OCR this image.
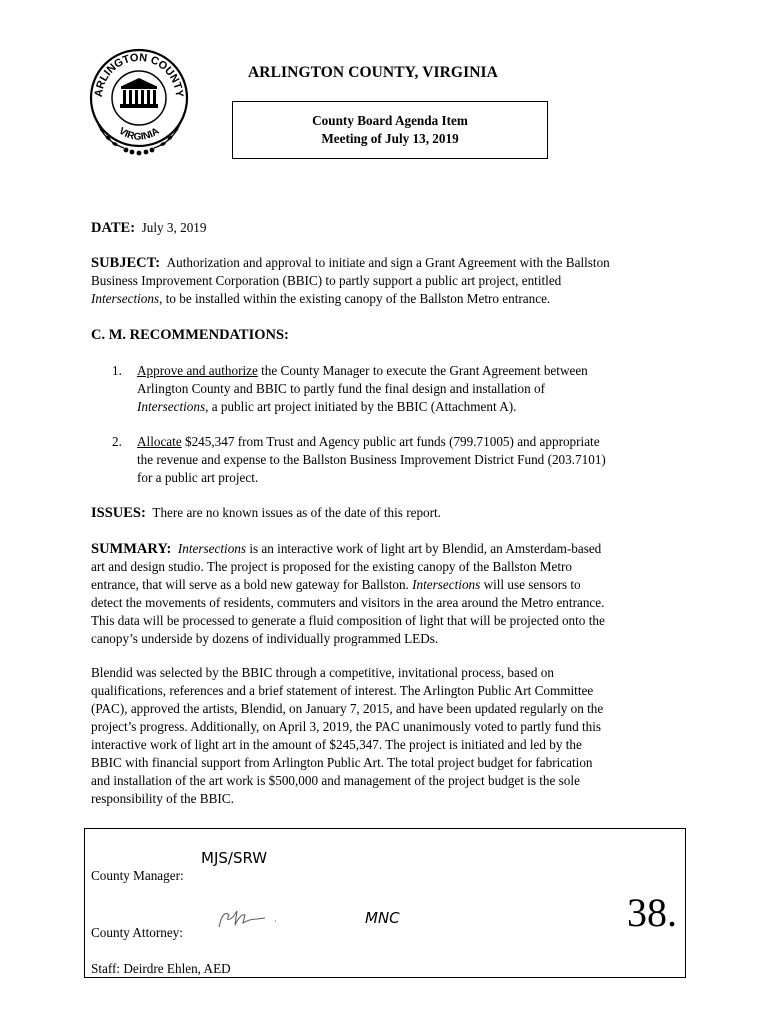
ARLINGTON COUNTY
VIRGINIA
ARLINGTON COUNTY, VIRGINIA
County Board Agenda Item
Meeting of July 13, 2019
DATE: July 3, 2019
SUBJECT: Authorization and approval to initiate and sign a Grant Agreement with the Ballston
Business Improvement Corporation (BBIC) to partly support a public art project, entitled
Intersections, to be installed within the existing canopy of the Ballston Metro entrance.
C. M. RECOMMENDATIONS:
1. Approve and authorize the County Manager to execute the Grant Agreement between
Arlington County and BBIC to partly fund the final design and installation of
Intersections, a public art project initiated by the BBIC (Attachment A).
2. Allocate $245,347 from Trust and Agency public art funds (799.71005) and appropriate
the revenue and expense to the Ballston Business Improvement District Fund (203.7101)
for a public art project.
ISSUES: There are no known issues as of the date of this report.
SUMMARY: Intersections is an interactive work of light art by Blendid, an Amsterdam-based
art and design studio. The project is proposed for the existing canopy of the Ballston Metro
entrance, that will serve as a bold new gateway for Ballston. Intersections will use sensors to
detect the movements of residents, commuters and visitors in the area around the Metro entrance.
This data will be processed to generate a fluid composition of light that will be projected onto the
canopy’s underside by dozens of individually programmed LEDs.
Blendid was selected by the BBIC through a competitive, invitational process, based on
qualifications, references and a brief statement of interest. The Arlington Public Art Committee
(PAC), approved the artists, Blendid, on January 7, 2015, and have been updated regularly on the
project’s progress. Additionally, on April 3, 2019, the PAC unanimously voted to partly fund this
interactive work of light art in the amount of $245,347. The project is initiated and led by the
BBIC with financial support from Arlington Public Art. The total project budget for fabrication
and installation of the art work is $500,000 and management of the project budget is the sole
responsibility of the BBIC.
MJS/SRW
County Manager:
MNC
County Attorney:	38.
Staff: Deirdre Ehlen, AED
